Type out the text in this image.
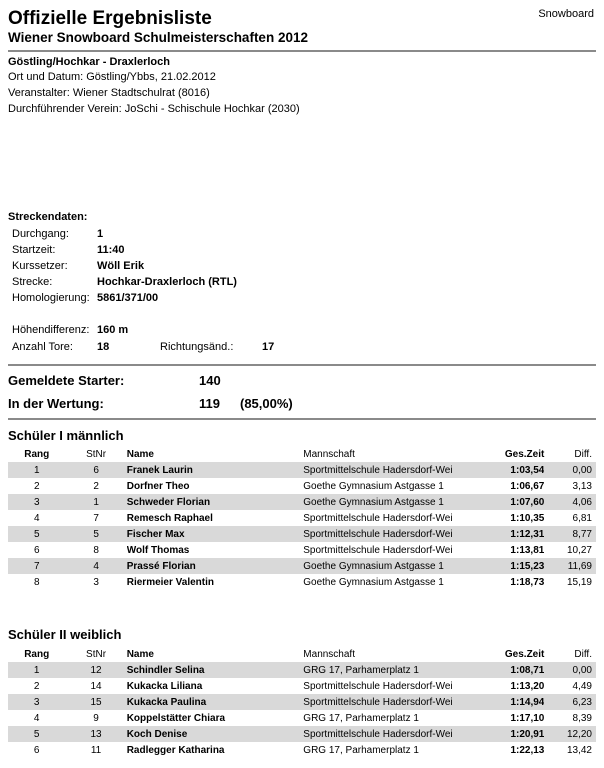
Offizielle Ergebnisliste
Wiener Snowboard Schulmeisterschaften 2012
Snowboard
Göstling/Hochkar - Draxlerloch
Ort und Datum: Göstling/Ybbs, 21.02.2012
Veranstalter: Wiener Stadtschulrat (8016)
Durchführender Verein: JoSchi - Schischule Hochkar (2030)
Streckendaten:
Durchgang:	1
Startzeit:	11:40
Kurssetzer:	Wöll Erik
Strecke:	Hochkar-Draxlerloch (RTL)
Homologierung: 5861/371/00
Höhendifferenz: 160 m
Anzahl Tore: 18	Richtungsänd.:	17
Gemeldete Starter:	140
In der Wertung:	119 (85,00%)
Schüler I männlich
Rang	StNr	Name	Mannschaft	Ges.Zeit	Diff.
1	6	Franek Laurin	Sportmittelschule Hadersdorf-Wei	1:03,54	0,00
2	2	Dorfner Theo	Goethe Gymnasium Astgasse 1	1:06,67	3,13
3	1	Schweder Florian	Goethe Gymnasium Astgasse 1	1:07,60	4,06
4	7	Remesch Raphael	Sportmittelschule Hadersdorf-Wei	1:10,35	6,81
5	5	Fischer Max	Sportmittelschule Hadersdorf-Wei	1:12,31	8,77
6	8	Wolf Thomas	Sportmittelschule Hadersdorf-Wei	1:13,81	10,27
7	4	Prassé Florian	Goethe Gymnasium Astgasse 1	1:15,23	11,69
8	3	Riermeier Valentin	Goethe Gymnasium Astgasse 1	1:18,73	15,19
Schüler II weiblich
Rang	StNr	Name	Mannschaft	Ges.Zeit	Diff.
1	12	Schindler Selina	GRG 17, Parhamerplatz 1	1:08,71	0,00
2	14	Kukacka Liliana	Sportmittelschule Hadersdorf-Wei	1:13,20	4,49
3	15	Kukacka Paulina	Sportmittelschule Hadersdorf-Wei	1:14,94	6,23
4	9	Koppelstätter Chiara	GRG 17, Parhamerplatz 1	1:17,10	8,39
5	13	Koch Denise	Sportmittelschule Hadersdorf-Wei	1:20,91	12,20
6	11	Radlegger Katharina	GRG 17, Parhamerplatz 1	1:22,13	13,42
